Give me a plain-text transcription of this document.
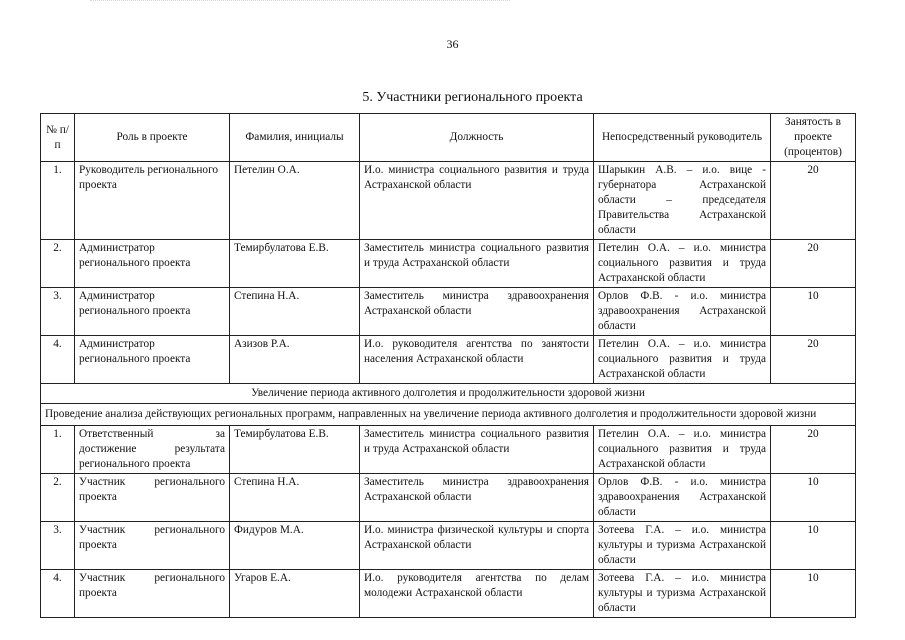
36
5. Участники регионального проекта
№ п/п	Роль в проекте	Фамилия, инициалы	Должность	Непосредственный руководитель	Занятость в проекте (процентов)
1.	Руководитель регионального проекта	Петелин О.А.	И.о. министра социального развития и труда Астраханской области	Шарыкин А.В. – и.о. вице - губернатора Астраханской области – председателя Правительства Астраханской области	20
2.	Администратор регионального проекта	Темирбулатова Е.В.	Заместитель министра социального развития и труда Астраханской области	Петелин О.А. – и.о. министра социального развития и труда Астраханской области	20
3.	Администратор регионального проекта	Степина Н.А.	Заместитель министра здравоохранения Астраханской области	Орлов Ф.В. - и.о. министра здравоохранения Астраханской области	10
4.	Администратор регионального проекта	Азизов Р.А.	И.о. руководителя агентства по занятости населения Астраханской области	Петелин О.А. – и.о. министра социального развития и труда Астраханской области	20
Увеличение периода активного долголетия и продолжительности здоровой жизни					
Проведение анализа действующих региональных программ, направленных на увеличение периода активного долголетия и продолжительности здоровой жизни					
1.	Ответственный за достижение результата регионального проекта	Темирбулатова Е.В.	Заместитель министра социального развития и труда Астраханской области	Петелин О.А. – и.о. министра социального развития и труда Астраханской области	20
2.	Участник регионального проекта	Степина Н.А.	Заместитель министра здравоохранения Астраханской области	Орлов Ф.В. - и.о. министра здравоохранения Астраханской области	10
3.	Участник регионального проекта	Фидуров М.А.	И.о. министра физической культуры и спорта Астраханской области	Зотеева Г.А. – и.о. министра культуры и туризма Астраханской области	10
4.	Участник регионального проекта	Угаров Е.А.	И.о. руководителя агентства по делам молодежи Астраханской области	Зотеева Г.А. – и.о. министра культуры и туризма Астраханской области	10
